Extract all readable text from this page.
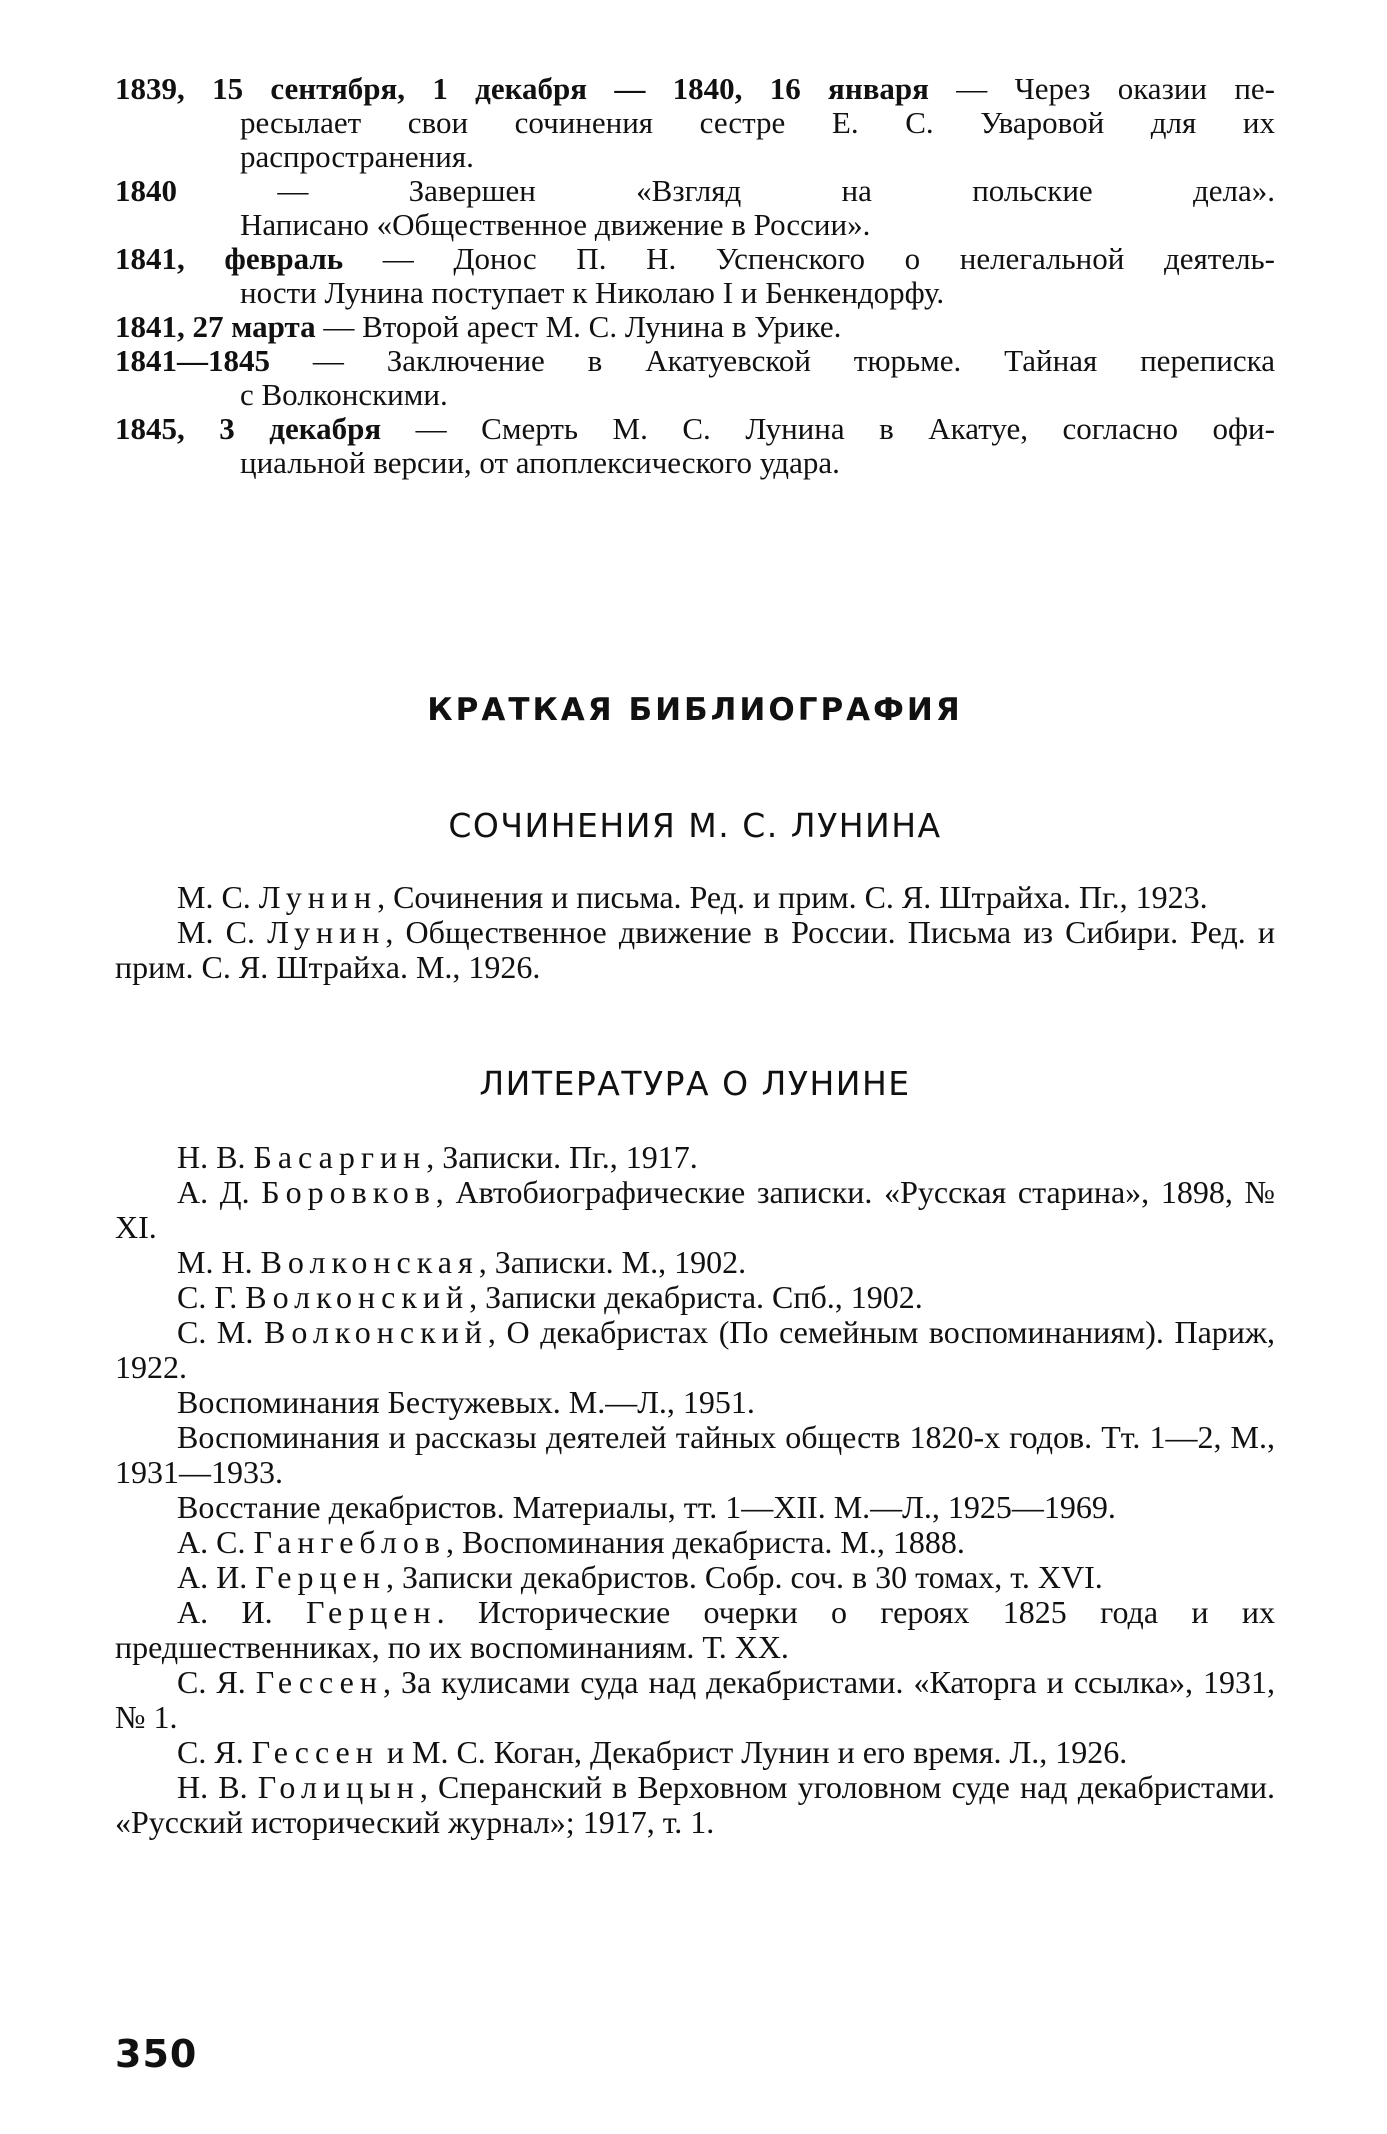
1839, 15 сентября, 1 декабря — 1840, 16 января — Через оказии пе-
ресылает свои сочинения сестре Е. С. Уваровой для их
распространения.

1840 — Завершен «Взгляд на польские дела».
Написано «Общественное движение в России».

1841, февраль — Донос П. Н. Успенского о нелегальной деятель-
ности Лунина поступает к Николаю I и Бенкендорфу.

1841, 27 марта — Второй арест М. С. Лунина в Урике.

1841—1845 — Заключение в Акатуевской тюрьме. Тайная переписка
с Волконскими.

1845, 3 декабря — Смерть М. С. Лунина в Акатуе, согласно офи-
циальной версии, от апоплексического удара.

КРАТКАЯ БИБЛИОГРАФИЯ
СОЧИНЕНИЯ М. С. ЛУНИНА

М. С. Лунин, Сочинения и письма. Ред. и прим. С. Я. Штрайха. Пг., 1923.

М. С. Лунин, Общественное движение в России. Письма из Сибири. Ред. и прим. С. Я. Штрайха. М., 1926.

ЛИТЕРАТУРА О ЛУНИНЕ

Н. В. Басаргин, Записки. Пг., 1917.

А. Д. Боровков, Автобиографические записки. «Русская старина», 1898, № XI.

М. Н. Волконская, Записки. М., 1902.

С. Г. Волконский, Записки декабриста. Спб., 1902.

С. М. Волконский, О декабристах (По семейным воспоминаниям). Париж, 1922.

Воспоминания Бестужевых. М.—Л., 1951.

Воспоминания и рассказы деятелей тайных обществ 1820-х годов. Тт. 1—2, М., 1931—1933.

Восстание декабристов. Материалы, тт. 1—XII. М.—Л., 1925—1969.

А. С. Гангеблов, Воспоминания декабриста. М., 1888.

А. И. Герцен, Записки декабристов. Собр. соч. в 30 томах, т. XVI.

А. И. Герцен. Исторические очерки о героях 1825 года и их предшественниках, по их воспоминаниям. Т. XX.

С. Я. Гессен, За кулисами суда над декабристами. «Каторга и ссылка», 1931, № 1.

С. Я. Гессен и М. С. Коган, Декабрист Лунин и его время. Л., 1926.

Н. В. Голицын, Сперанский в Верховном уголовном суде над декабристами. «Русский исторический журнал»; 1917, т. 1.

350
